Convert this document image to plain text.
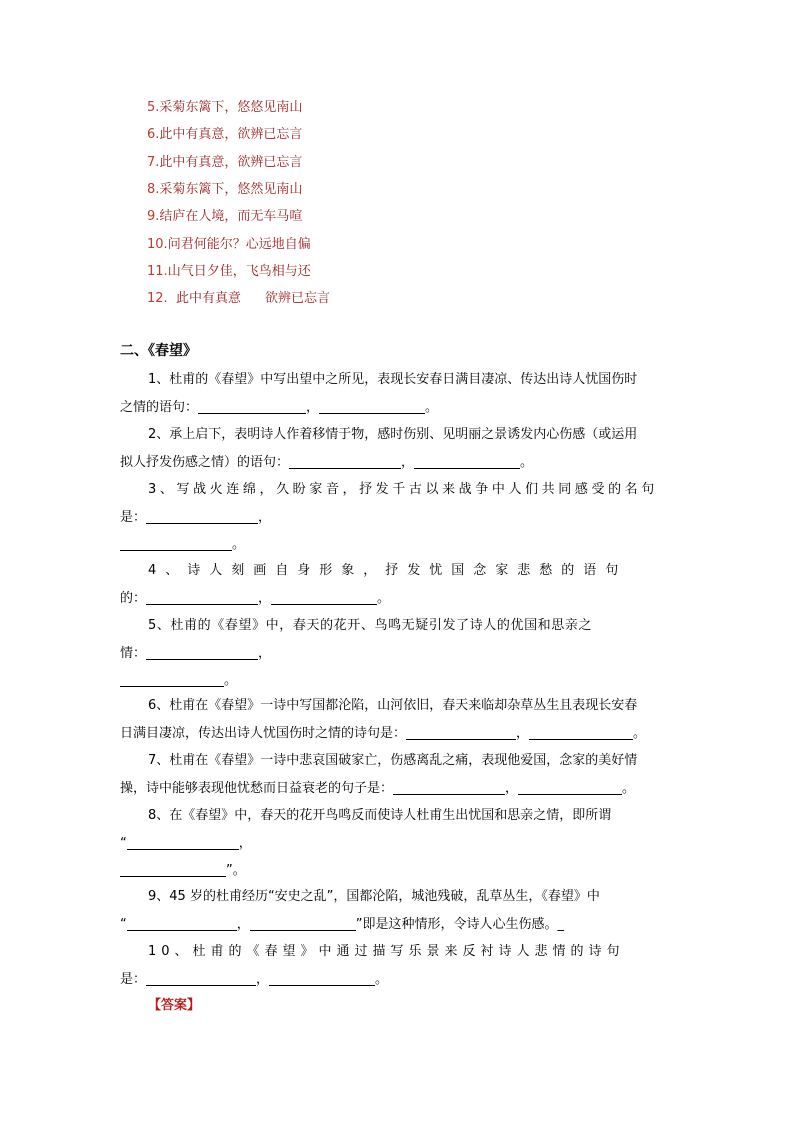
5.采菊东篱下，悠悠见南山
6.此中有真意，欲辨已忘言
7.此中有真意，欲辨已忘言
8.采菊东篱下，悠然见南山
9.结庐在人境，而无车马喧
10.问君何能尔？心远地自偏
11.山气日夕佳，飞鸟相与还
12. 此中有真意 欲辨已忘言
二、《春望》
1、杜甫的《春望》中写出望中之所见，表现长安春日满目凄凉、传达出诗人忧国伤时
之情的语句：	，	。
2、承上启下，表明诗人作着移情于物，感时伤别、见明丽之景诱发内心伤感（或运用
拟人抒发伤感之情）的语句：	，	。
3、写战火连绵，久盼家音，抒发千古以来战争中人们共同感受的名句
是：	，
。
4、诗人刻画自身形象，抒发忧国念家悲愁的语句
的：	，	。
5、杜甫的《春望》中，春天的花开、鸟鸣无疑引发了诗人的优国和思亲之
情：	，
。
6、杜甫在《春望》一诗中写国都沦陷，山河依旧，春天来临却杂草丛生且表现长安春
日满目凄凉，传达出诗人忧国伤时之情的诗句是：	，	。
7、杜甫在《春望》一诗中悲哀国破家亡，伤感离乱之痛，表现他爱国，念家的美好情
操，诗中能够表现他忧愁而日益衰老的句子是：	，	。
8、在《春望》中，春天的花开鸟鸣反而使诗人杜甫生出忧国和思亲之情，即所谓
“	，
”。
9、45 岁的杜甫经历“安史之乱”，国都沦陷，城池残破，乱草丛生，《春望》中
“	，	”即是这种情形，令诗人心生伤感。_
10、杜甫的《春望》中通过描写乐景来反衬诗人悲情的诗句
是：	，	。
【答案】
